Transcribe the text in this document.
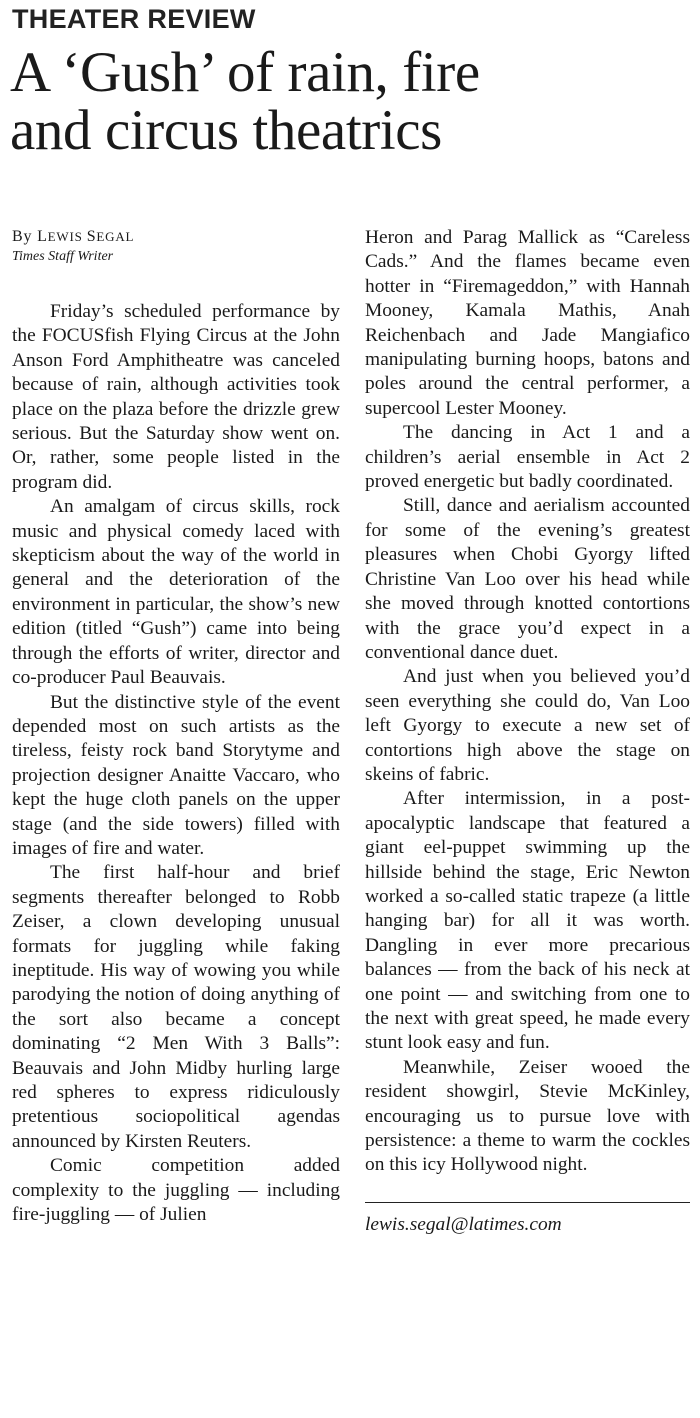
THEATER REVIEW
A ‘Gush’ of rain, fire
and circus theatrics
By LEWIS SEGAL
Times Staff Writer

Friday’s scheduled performance by the FOCUSfish Flying Circus at the John Anson Ford Amphitheatre was canceled because of rain, although activities took place on the plaza before the drizzle grew serious. But the Saturday show went on. Or, rather, some people listed in the program did.

An amalgam of circus skills, rock music and physical comedy laced with skepticism about the way of the world in general and the deterioration of the environment in particular, the show’s new edition (titled “Gush”) came into being through the efforts of writer, director and co-producer Paul Beauvais.

But the distinctive style of the event depended most on such artists as the tireless, feisty rock band Storytyme and projection designer Anaitte Vaccaro, who kept the huge cloth panels on the upper stage (and the side towers) filled with images of fire and water.

The first half-hour and brief segments thereafter belonged to Robb Zeiser, a clown developing unusual formats for juggling while faking ineptitude. His way of wowing you while parodying the notion of doing anything of the sort also became a concept dominating “2 Men With 3 Balls”: Beauvais and John Midby hurling large red spheres to express ridiculously pretentious sociopolitical agendas announced by Kirsten Reuters.

Comic competition added complexity to the juggling — including fire-juggling — of Julien

Heron and Parag Mallick as “Careless Cads.” And the flames became even hotter in “Firemageddon,” with Hannah Mooney, Kamala Mathis, Anah Reichenbach and Jade Mangiafico manipulating burning hoops, batons and poles around the central performer, a supercool Lester Mooney.

The dancing in Act 1 and a children’s aerial ensemble in Act 2 proved energetic but badly coordinated.

Still, dance and aerialism accounted for some of the evening’s greatest pleasures when Chobi Gyorgy lifted Christine Van Loo over his head while she moved through knotted contortions with the grace you’d expect in a conventional dance duet.

And just when you believed you’d seen everything she could do, Van Loo left Gyorgy to execute a new set of contortions high above the stage on skeins of fabric.

After intermission, in a post-apocalyptic landscape that featured a giant eel-puppet swimming up the hillside behind the stage, Eric Newton worked a so-called static trapeze (a little hanging bar) for all it was worth. Dangling in ever more precarious balances — from the back of his neck at one point — and switching from one to the next with great speed, he made every stunt look easy and fun.

Meanwhile, Zeiser wooed the resident showgirl, Stevie McKinley, encouraging us to pursue love with persistence: a theme to warm the cockles on this icy Hollywood night.

lewis.segal@latimes.com
